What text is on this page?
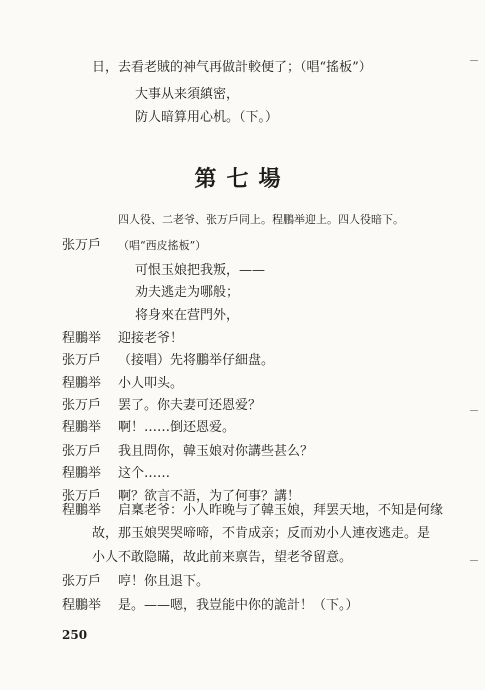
日，去看老賊的神气再做計較便了；（唱“搖板”）
大事从来須縝密，
防人暗算用心机。（下。）
第七場
四人役、二老爷、张万戶同上。程鵬举迎上。四人役暗下。
张万戶	（唱“西皮搖板”）
可恨玉娘把我叛，——
劝夫逃走为哪般；
将身來在营門外，
程鵬举	迎接老爷！
张万戶	（接唱）先将鵬举仔細盘。
程鵬举	小人叩头。
张万戶	罢了。你夫妻可还恩爱？
程鵬举	啊！……倒还恩爱。
张万戶	我且問你，韓玉娘对你講些甚么？
程鵬举	这个……
张万戶	啊？欲言不語，为了何事？講！
程鵬举	启稟老爷：小人昨晚与了韓玉娘，拜罢天地，不知是何缘
故，那玉娘哭哭啼啼，不肯成亲；反而劝小人連夜逃走。是
小人不敢隐瞞，故此前来禀告，望老爷留意。
张万戶	哼！你且退下。
程鵬举	是。——嗯，我豈能中你的詭計！（下。）
250
